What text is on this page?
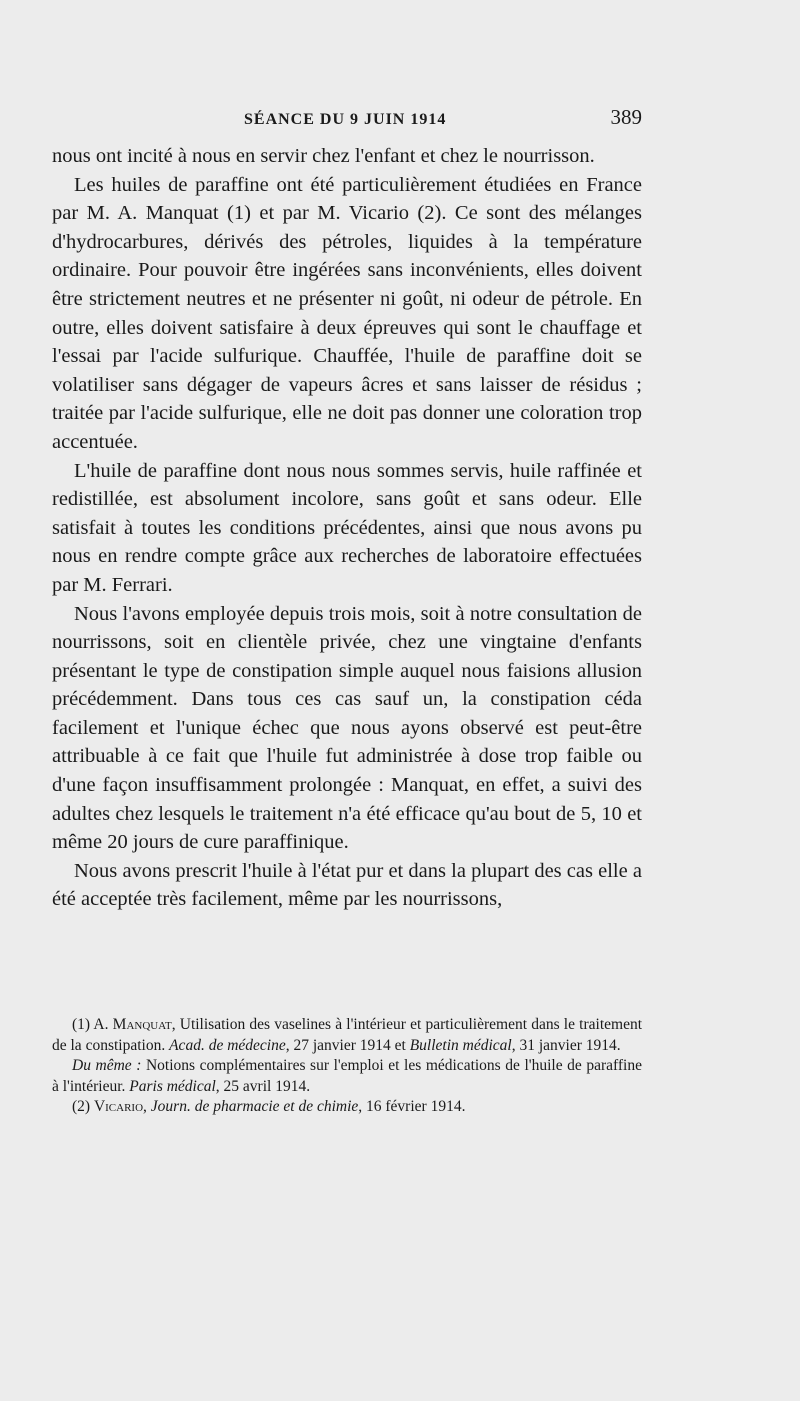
SÉANCE DU 9 JUIN 1914	389

nous ont incité à nous en servir chez l'enfant et chez le nourrisson.

Les huiles de paraffine ont été particulièrement étudiées en France par M. A. Manquat (1) et par M. Vicario (2). Ce sont des mélanges d'hydrocarbures, dérivés des pétroles, liquides à la température ordinaire. Pour pouvoir être ingérées sans inconvénients, elles doivent être strictement neutres et ne présenter ni goût, ni odeur de pétrole. En outre, elles doivent satisfaire à deux épreuves qui sont le chauffage et l'essai par l'acide sulfurique. Chauffée, l'huile de paraffine doit se volatiliser sans dégager de vapeurs âcres et sans laisser de résidus ; traitée par l'acide sulfurique, elle ne doit pas donner une coloration trop accentuée.

L'huile de paraffine dont nous nous sommes servis, huile raffinée et redistillée, est absolument incolore, sans goût et sans odeur. Elle satisfait à toutes les conditions précédentes, ainsi que nous avons pu nous en rendre compte grâce aux recherches de laboratoire effectuées par M. Ferrari.

Nous l'avons employée depuis trois mois, soit à notre consultation de nourrissons, soit en clientèle privée, chez une vingtaine d'enfants présentant le type de constipation simple auquel nous faisions allusion précédemment. Dans tous ces cas sauf un, la constipation céda facilement et l'unique échec que nous ayons observé est peut-être attribuable à ce fait que l'huile fut administrée à dose trop faible ou d'une façon insuffisamment prolongée : Manquat, en effet, a suivi des adultes chez lesquels le traitement n'a été efficace qu'au bout de 5, 10 et même 20 jours de cure paraffinique.

Nous avons prescrit l'huile à l'état pur et dans la plupart des cas elle a été acceptée très facilement, même par les nourrissons,

(1) A. Manquat, Utilisation des vaselines à l'intérieur et particulièrement dans le traitement de la constipation. Acad. de médecine, 27 janvier 1914 et Bulletin médical, 31 janvier 1914.

Du même : Notions complémentaires sur l'emploi et les médications de l'huile de paraffine à l'intérieur. Paris médical, 25 avril 1914.

(2) Vicario, Journ. de pharmacie et de chimie, 16 février 1914.
